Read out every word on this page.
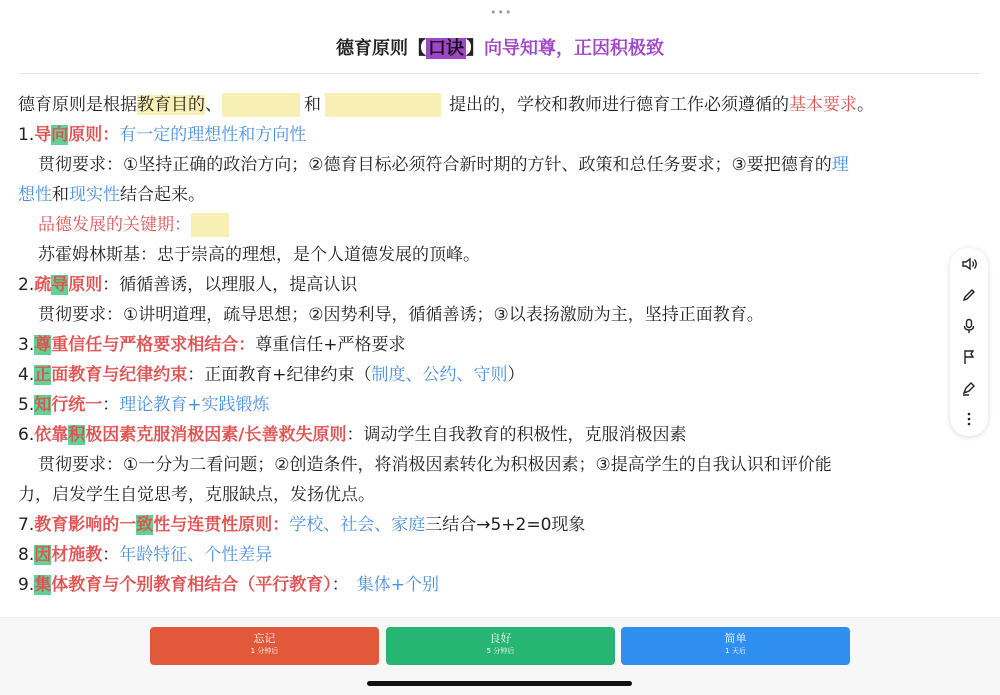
•••
德育原则【 口诀 】向导知尊，正因积极致
德育原则是根据教育目的、	和	提出的，学校和教师进行德育工作必须遵循的基本要求。
1.导向原则：有一定的理想性和方向性
贯彻要求：①坚持正确的政治方向；②德育目标必须符合新时期的方针、政策和总任务要求；③要把德育的理
想性和现实性结合起来。
品德发展的关键期：
苏霍姆林斯基：忠于崇高的理想，是个人道德发展的顶峰。
2.疏导原则：循循善诱，以理服人，提高认识
贯彻要求：①讲明道理，疏导思想；②因势利导，循循善诱；③以表扬激励为主，坚持正面教育。
3.尊重信任与严格要求相结合：尊重信任+严格要求
4.正面教育与纪律约束：正面教育+纪律约束（制度、公约、守则）
5.知行统一：理论教育+实践锻炼
6.依靠积极因素克服消极因素/长善救失原则：调动学生自我教育的积极性，克服消极因素
贯彻要求：①一分为二看问题；②创造条件，将消极因素转化为积极因素；③提高学生的自我认识和评价能
力，启发学生自觉思考，克服缺点，发扬优点。
7.教育影响的一致性与连贯性原则：学校、社会、家庭三结合→5+2=0现象
8.因材施教：年龄特征、个性差异
9.集体教育与个别教育相结合（平行教育）： 集体+个别
忘记
1 分钟后
良好
5 分钟后
简单
1 天后
